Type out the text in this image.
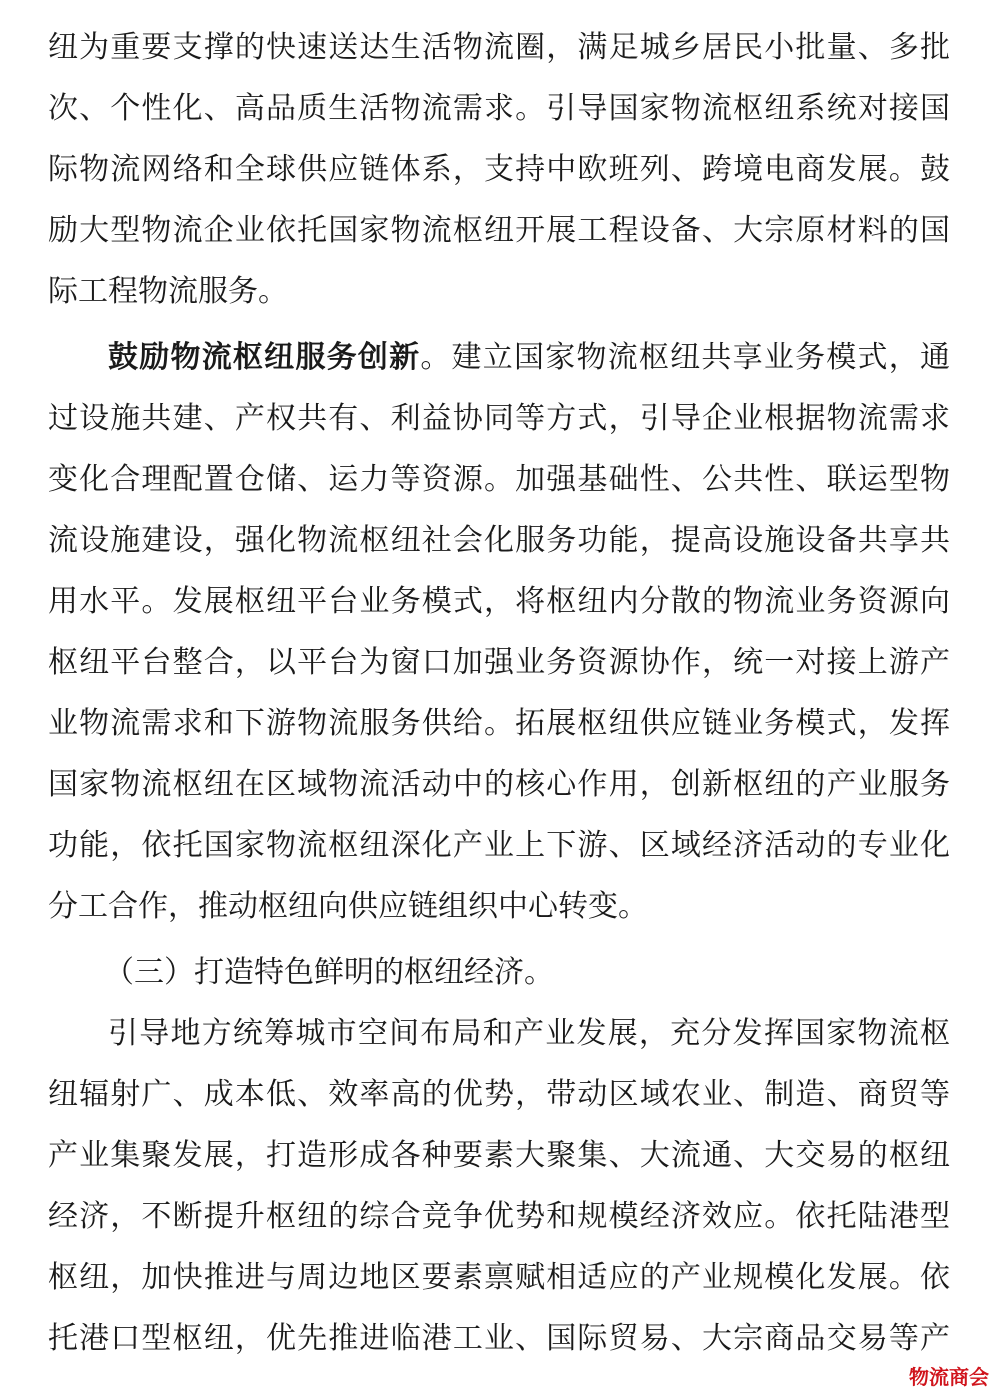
纽为重要支撑的快速送达生活物流圈，满足城乡居民小批量、多批
次、个性化、高品质生活物流需求。引导国家物流枢纽系统对接国
际物流网络和全球供应链体系，支持中欧班列、跨境电商发展。鼓
励大型物流企业依托国家物流枢纽开展工程设备、大宗原材料的国
际工程物流服务。
鼓励物流枢纽服务创新。建立国家物流枢纽共享业务模式，通
过设施共建、产权共有、利益协同等方式，引导企业根据物流需求
变化合理配置仓储、运力等资源。加强基础性、公共性、联运型物
流设施建设，强化物流枢纽社会化服务功能，提高设施设备共享共
用水平。发展枢纽平台业务模式，将枢纽内分散的物流业务资源向
枢纽平台整合，以平台为窗口加强业务资源协作，统一对接上游产
业物流需求和下游物流服务供给。拓展枢纽供应链业务模式，发挥
国家物流枢纽在区域物流活动中的核心作用，创新枢纽的产业服务
功能，依托国家物流枢纽深化产业上下游、区域经济活动的专业化
分工合作，推动枢纽向供应链组织中心转变。
（三）打造特色鲜明的枢纽经济。
引导地方统筹城市空间布局和产业发展，充分发挥国家物流枢
纽辐射广、成本低、效率高的优势，带动区域农业、制造、商贸等
产业集聚发展，打造形成各种要素大聚集、大流通、大交易的枢纽
经济，不断提升枢纽的综合竞争优势和规模经济效应。依托陆港型
枢纽，加快推进与周边地区要素禀赋相适应的产业规模化发展。依
托港口型枢纽，优先推进临港工业、国际贸易、大宗商品交易等产
物流商会
